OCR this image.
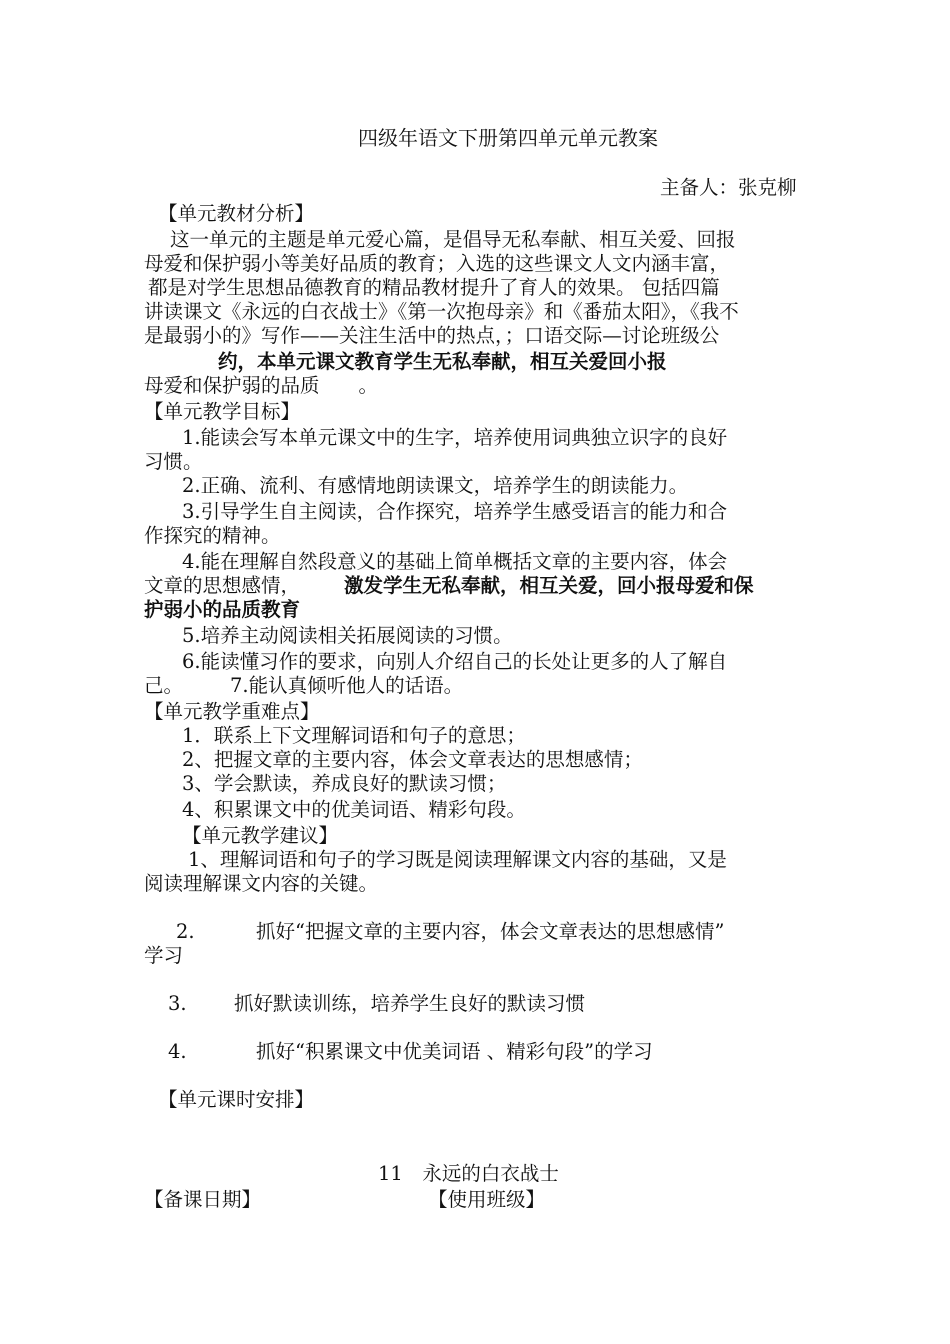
四级年语文下册第四单元单元教案
主备人：张克柳
【单元教材分析】
这一单元的主题是单元爱心篇，是倡导无私奉献、相互关爱、回报
母爱和保护弱小等美好品质的教育；入选的这些课文人文内涵丰富，
都是对学生思想品德教育的精品教材提升了育人的效果。 包括四篇
讲读课文《永远的白衣战士》《第一次抱母亲》和《番茄太阳》，《我不
是最弱小的》写作——关注生活中的热点，；口语交际—讨论班级公
约，本单元课文教育学生无私奉献，相互关爱回小报
母爱和保护弱的品质　　。
【单元教学目标】
1.能读会写本单元课文中的生字，培养使用词典独立识字的良好
习惯。
2.正确、流利、有感情地朗读课文，培养学生的朗读能力。
3.引导学生自主阅读，合作探究，培养学生感受语言的能力和合
作探究的精神。
4.能在理解自然段意义的基础上简单概括文章的主要内容，体会
文章的思想感情， 激发学生无私奉献，相互关爱，回小报母爱和保
护弱小的品质教育
5.培养主动阅读相关拓展阅读的习惯。
6.能读懂习作的要求，向别人介绍自己的长处让更多的人了解自
己。 7.能认真倾听他人的话语。
【单元教学重难点】
1．联系上下文理解词语和句子的意思；
2、把握文章的主要内容，体会文章表达的思想感情；
3、学会默读，养成良好的默读习惯；
4、积累课文中的优美词语、精彩句段。
【单元教学建议】
1、理解词语和句子的学习既是阅读理解课文内容的基础，又是
阅读理解课文内容的关键。
2.	抓好“把握文章的主要内容，体会文章表达的思想感情”
学习
3. 抓好默读训练，培养学生良好的默读习惯
4.	抓好“积累课文中优美词语 、精彩句段”的学习
【单元课时安排】
11　永远的白衣战士
【备课日期】	【使用班级】
